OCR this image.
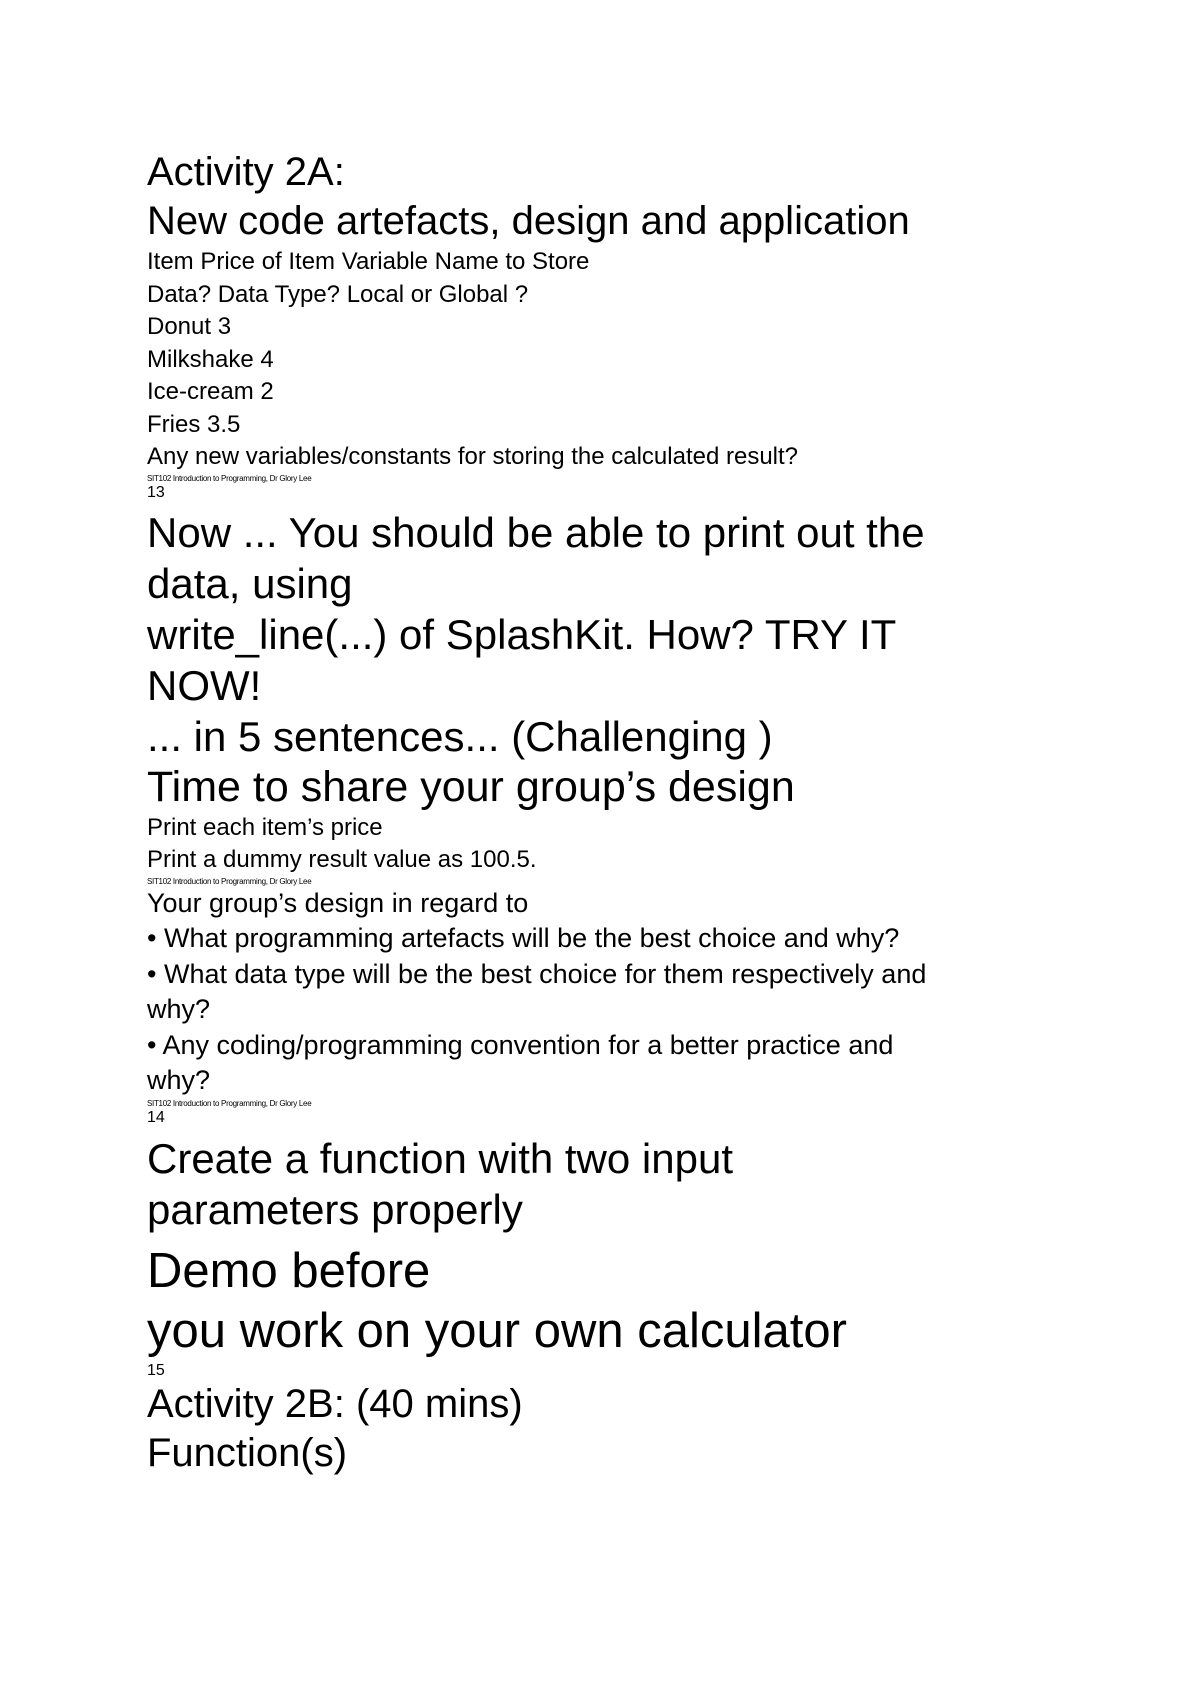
Activity 2A:
New code artefacts, design and application
Item Price of Item Variable Name to Store
Data? Data Type? Local or Global ?
Donut 3
Milkshake 4
Ice-cream 2
Fries 3.5
Any new variables/constants for storing the calculated result?
SIT102 Introduction to Programming, Dr Glory Lee
13
Now ... You should be able to print out the
data, using
write_line(...) of SplashKit. How? TRY IT
NOW!
... in 5 sentences... (Challenging )
Time to share your group’s design
Print each item’s price
Print a dummy result value as 100.5.
SIT102 Introduction to Programming, Dr Glory Lee
Your group’s design in regard to
• What programming artefacts will be the best choice and why?
• What data type will be the best choice for them respectively and
why?
• Any coding/programming convention for a better practice and
why?
SIT102 Introduction to Programming, Dr Glory Lee
14
Create a function with two input
parameters properly
Demo before
you work on your own calculator
15
Activity 2B: (40 mins)
Function(s)
